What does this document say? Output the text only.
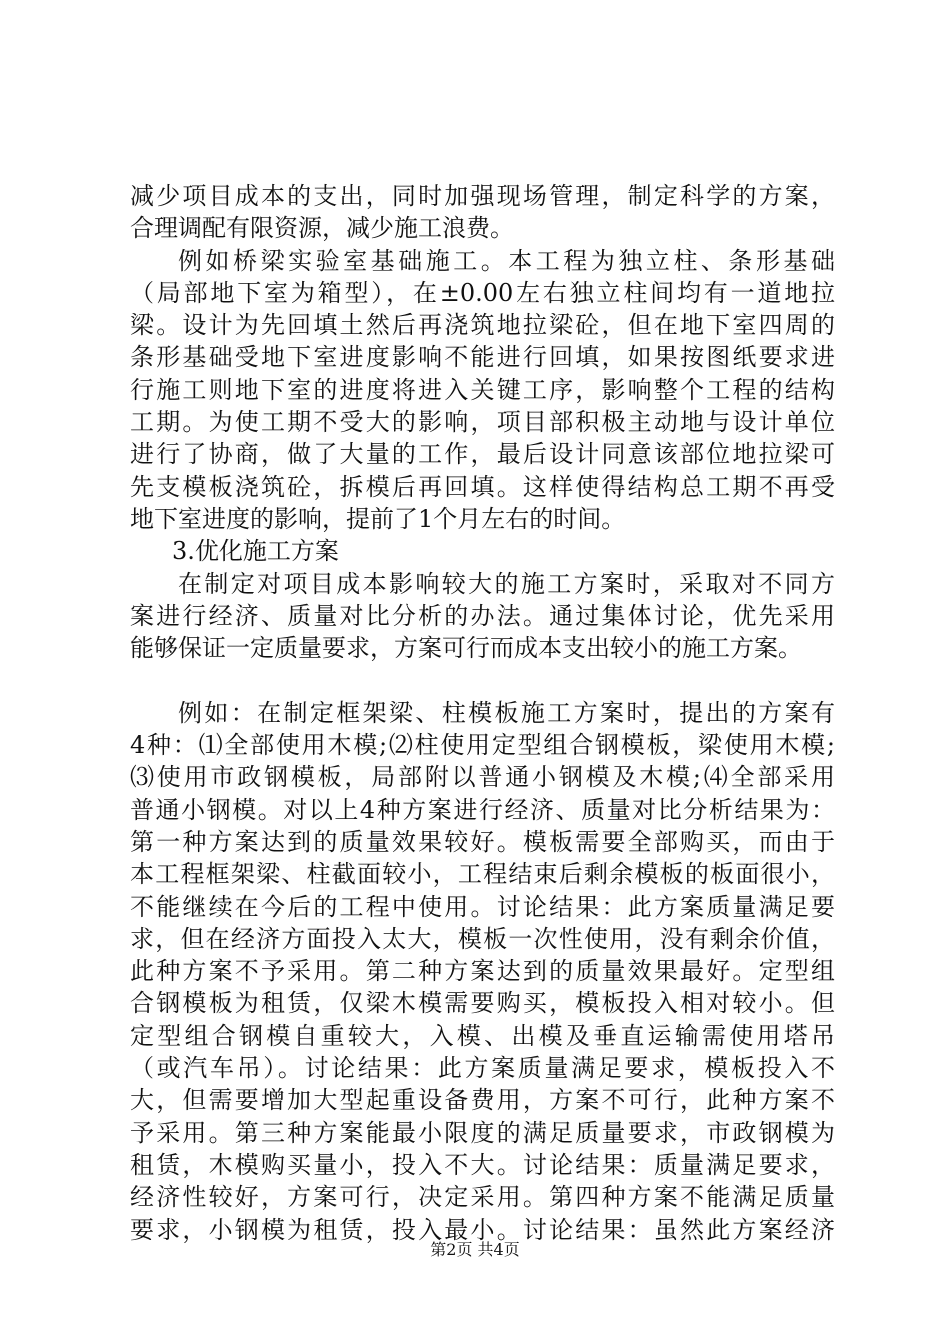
减少项目成本的支出，同时加强现场管理，制定科学的方案，
合理调配有限资源，减少施工浪费。
例如桥梁实验室基础施工。本工程为独立柱、条形基础
（局部地下室为箱型），在±0.00左右独立柱间均有一道地拉
梁。设计为先回填土然后再浇筑地拉梁砼，但在地下室四周的
条形基础受地下室进度影响不能进行回填，如果按图纸要求进
行施工则地下室的进度将进入关键工序，影响整个工程的结构
工期。为使工期不受大的影响，项目部积极主动地与设计单位
进行了协商，做了大量的工作，最后设计同意该部位地拉梁可
先支模板浇筑砼，拆模后再回填。这样使得结构总工期不再受
地下室进度的影响，提前了1个月左右的时间。
3.优化施工方案
在制定对项目成本影响较大的施工方案时，采取对不同方
案进行经济、质量对比分析的办法。通过集体讨论，优先采用
能够保证一定质量要求，方案可行而成本支出较小的施工方案。
例如：在制定框架梁、柱模板施工方案时，提出的方案有
4种：⑴全部使用木模;⑵柱使用定型组合钢模板，梁使用木模;
⑶使用市政钢模板，局部附以普通小钢模及木模;⑷全部采用
普通小钢模。对以上4种方案进行经济、质量对比分析结果为：
第一种方案达到的质量效果较好。模板需要全部购买，而由于
本工程框架梁、柱截面较小，工程结束后剩余模板的板面很小，
不能继续在今后的工程中使用。讨论结果：此方案质量满足要
求，但在经济方面投入太大，模板一次性使用，没有剩余价值，
此种方案不予采用。第二种方案达到的质量效果最好。定型组
合钢模板为租赁，仅梁木模需要购买，模板投入相对较小。但
定型组合钢模自重较大，入模、出模及垂直运输需使用塔吊
（或汽车吊）。讨论结果：此方案质量满足要求，模板投入不
大，但需要增加大型起重设备费用，方案不可行，此种方案不
予采用。第三种方案能最小限度的满足质量要求，市政钢模为
租赁，木模购买量小，投入不大。讨论结果：质量满足要求，
经济性较好，方案可行，决定采用。第四种方案不能满足质量
要求，小钢模为租赁，投入最小。讨论结果：虽然此方案经济
第2页 共4页
